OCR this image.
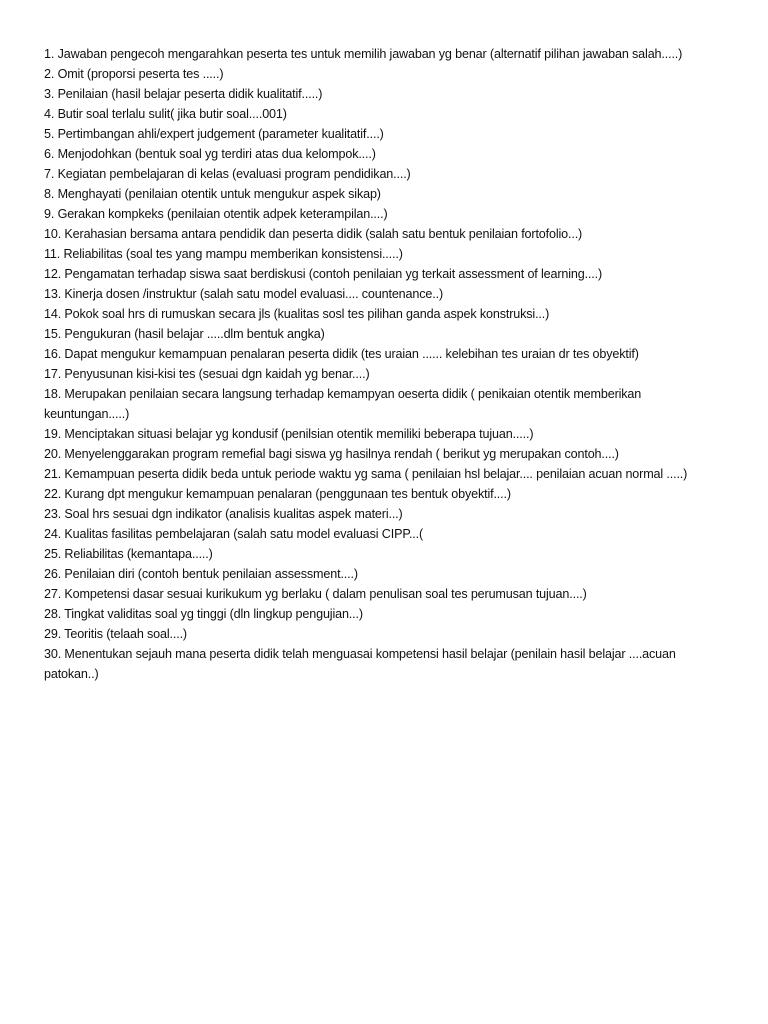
1. Jawaban pengecoh mengarahkan peserta tes untuk memilih jawaban yg benar (alternatif pilihan jawaban salah.....)
2. Omit (proporsi peserta tes .....)
3. Penilaian (hasil belajar peserta didik kualitatif.....)
4. Butir soal terlalu sulit( jika butir soal....001)
5. Pertimbangan ahli/expert judgement (parameter kualitatif....)
6. Menjodohkan (bentuk soal yg terdiri atas dua kelompok....)
7. Kegiatan pembelajaran di kelas (evaluasi program pendidikan....)
8. Menghayati (penilaian otentik untuk mengukur aspek sikap)
9. Gerakan kompkeks (penilaian otentik adpek keterampilan....)
10. Kerahasian bersama antara pendidik dan peserta didik (salah satu bentuk penilaian fortofolio...)
11. Reliabilitas (soal tes yang mampu memberikan konsistensi.....)
12. Pengamatan terhadap siswa saat berdiskusi (contoh penilaian yg terkait assessment of learning....)
13. Kinerja dosen /instruktur (salah satu model evaluasi.... countenance..)
14. Pokok soal hrs di rumuskan secara jls (kualitas sosl tes pilihan ganda aspek konstruksi...)
15. Pengukuran (hasil belajar .....dlm bentuk angka)
16. Dapat mengukur kemampuan penalaran peserta didik (tes uraian ...... kelebihan tes uraian dr tes obyektif)
17. Penyusunan kisi-kisi tes (sesuai dgn kaidah yg benar....)
18. Merupakan penilaian secara langsung terhadap kemampyan oeserta didik ( penikaian otentik memberikan keuntungan.....)
19. Menciptakan situasi belajar yg kondusif (penilsian otentik memiliki beberapa tujuan.....)
20. Menyelenggarakan program remefial bagi siswa yg hasilnya rendah ( berikut yg merupakan contoh....)
21. Kemampuan peserta didik beda untuk periode waktu yg sama ( penilaian hsl belajar.... penilaian acuan normal .....)
22. Kurang dpt mengukur kemampuan penalaran (penggunaan tes bentuk obyektif....)
23. Soal hrs sesuai dgn indikator (analisis kualitas aspek materi...)
24. Kualitas fasilitas pembelajaran (salah satu model evaluasi CIPP...(
25. Reliabilitas (kemantapa.....)
26. Penilaian diri (contoh bentuk penilaian assessment....)
27. Kompetensi dasar sesuai kurikukum yg berlaku ( dalam penulisan soal tes perumusan tujuan....)
28. Tingkat validitas soal yg tinggi (dln lingkup pengujian...)
29. Teoritis (telaah soal....)
30. Menentukan sejauh mana peserta didik telah menguasai kompetensi hasil belajar (penilain hasil belajar ....acuan patokan..)
